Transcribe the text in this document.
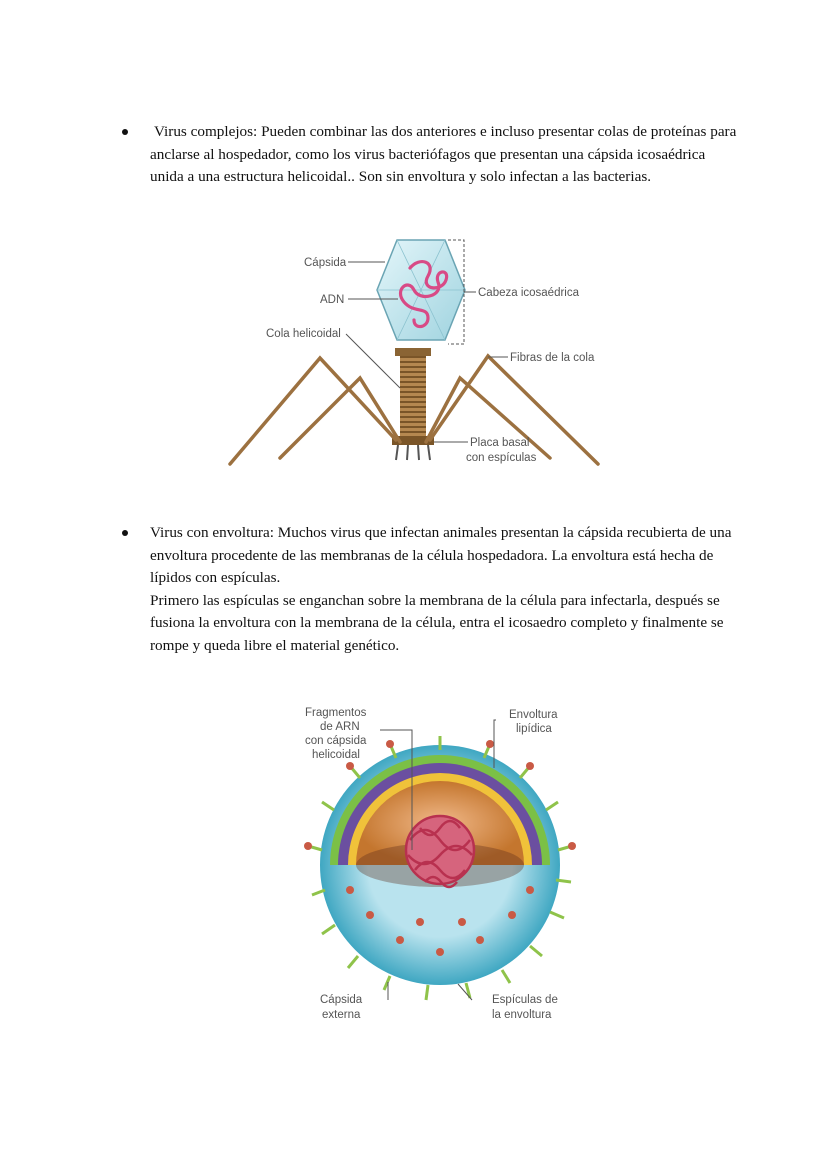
Virus complejos: Pueden combinar las dos anteriores e incluso presentar colas de proteínas para anclarse al hospedador, como los virus bacteriófagos que presentan una cápsida icosaédrica unida a una estructura helicoidal.. Son sin envoltura y solo infectan a las bacterias.

Cápsida
ADN
Cola helicoidal
Cabeza icosaédrica
Fibras de la cola
Placa basal
con espículas

Virus con envoltura: Muchos virus que infectan animales presentan la cápsida recubierta de una envoltura procedente de las membranas de la célula hospedadora. La envoltura está hecha de lípidos con espículas.

Primero las espículas se enganchan sobre la membrana de la célula para infectarla, después se fusiona la envoltura con la membrana de la célula, entra el icosaedro completo y finalmente se rompe y queda libre el material genético.

Fragmentos
de ARN
con cápsida
helicoidal
Envoltura
lipídica
Cápsida
externa
Espículas de
la envoltura
